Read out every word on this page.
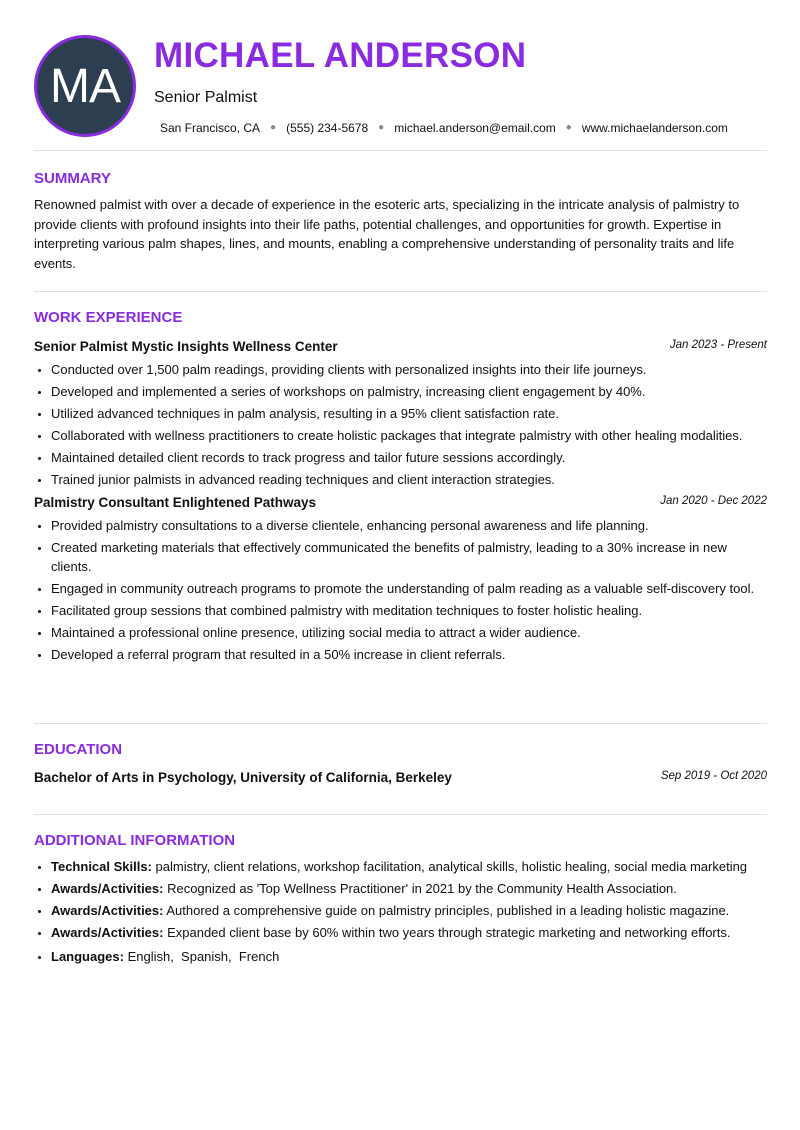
MA
MICHAEL ANDERSON
Senior Palmist
San Francisco, CA ● (555) 234-5678 ● michael.anderson@email.com ● www.michaelanderson.com
SUMMARY

Renowned palmist with over a decade of experience in the esoteric arts, specializing in the intricate analysis of palmistry to provide clients with profound insights into their life paths, potential challenges, and opportunities for growth. Expertise in interpreting various palm shapes, lines, and mounts, enabling a comprehensive understanding of personality traits and life events.

WORK EXPERIENCE
Senior Palmist Mystic Insights Wellness Center	Jan 2023 - Present
• Conducted over 1,500 palm readings, providing clients with personalized insights into their life journeys.
• Developed and implemented a series of workshops on palmistry, increasing client engagement by 40%.
• Utilized advanced techniques in palm analysis, resulting in a 95% client satisfaction rate.
• Collaborated with wellness practitioners to create holistic packages that integrate palmistry with other healing modalities.
• Maintained detailed client records to track progress and tailor future sessions accordingly.
• Trained junior palmists in advanced reading techniques and client interaction strategies.
Palmistry Consultant Enlightened Pathways	Jan 2020 - Dec 2022
• Provided palmistry consultations to a diverse clientele, enhancing personal awareness and life planning.
• Created marketing materials that effectively communicated the benefits of palmistry, leading to a 30% increase in new clients.
• Engaged in community outreach programs to promote the understanding of palm reading as a valuable self-discovery tool.
• Facilitated group sessions that combined palmistry with meditation techniques to foster holistic healing.
• Maintained a professional online presence, utilizing social media to attract a wider audience.
• Developed a referral program that resulted in a 50% increase in client referrals.
EDUCATION
Bachelor of Arts in Psychology, University of California, Berkeley	Sep 2019 - Oct 2020
ADDITIONAL INFORMATION
• Technical Skills: palmistry, client relations, workshop facilitation, analytical skills, holistic healing, social media marketing
• Awards/Activities: Recognized as 'Top Wellness Practitioner' in 2021 by the Community Health Association.
• Awards/Activities: Authored a comprehensive guide on palmistry principles, published in a leading holistic magazine.
• Awards/Activities: Expanded client base by 60% within two years through strategic marketing and networking efforts.
• Languages: English,  Spanish,  French
